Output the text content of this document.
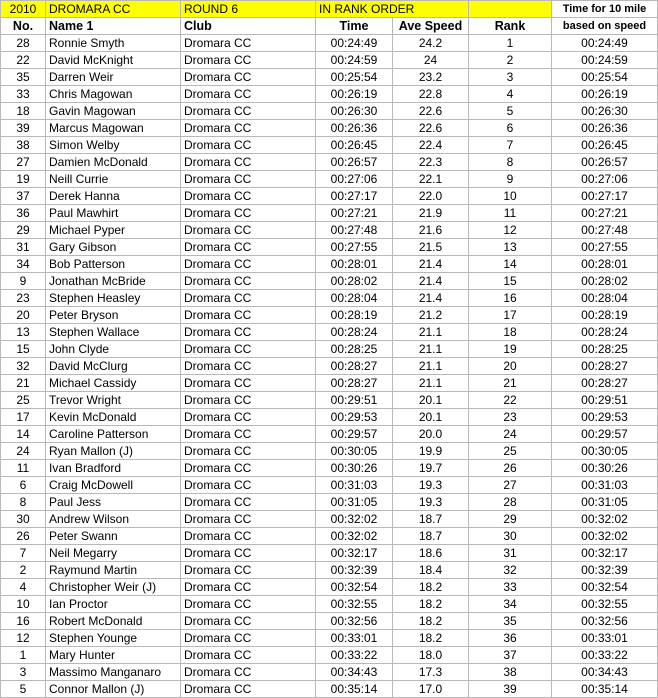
2010	DROMARA CC	ROUND 6	IN RANK ORDER			Time for 10 mile
No.	Name 1	Club	Time	Ave Speed	Rank	based on speed
28	Ronnie Smyth	Dromara CC	00:24:49	24.2	1	00:24:49
22	David McKnight	Dromara CC	00:24:59	24	2	00:24:59
35	Darren Weir	Dromara CC	00:25:54	23.2	3	00:25:54
33	Chris Magowan	Dromara CC	00:26:19	22.8	4	00:26:19
18	Gavin Magowan	Dromara CC	00:26:30	22.6	5	00:26:30
39	Marcus Magowan	Dromara CC	00:26:36	22.6	6	00:26:36
38	Simon Welby	Dromara CC	00:26:45	22.4	7	00:26:45
27	Damien McDonald	Dromara CC	00:26:57	22.3	8	00:26:57
19	Neill Currie	Dromara CC	00:27:06	22.1	9	00:27:06
37	Derek Hanna	Dromara CC	00:27:17	22.0	10	00:27:17
36	Paul Mawhirt	Dromara CC	00:27:21	21.9	11	00:27:21
29	Michael Pyper	Dromara CC	00:27:48	21.6	12	00:27:48
31	Gary Gibson	Dromara CC	00:27:55	21.5	13	00:27:55
34	Bob Patterson	Dromara CC	00:28:01	21.4	14	00:28:01
9	Jonathan McBride	Dromara CC	00:28:02	21.4	15	00:28:02
23	Stephen Heasley	Dromara CC	00:28:04	21.4	16	00:28:04
20	Peter Bryson	Dromara CC	00:28:19	21.2	17	00:28:19
13	Stephen Wallace	Dromara CC	00:28:24	21.1	18	00:28:24
15	John Clyde	Dromara CC	00:28:25	21.1	19	00:28:25
32	David McClurg	Dromara CC	00:28:27	21.1	20	00:28:27
21	Michael Cassidy	Dromara CC	00:28:27	21.1	21	00:28:27
25	Trevor Wright	Dromara CC	00:29:51	20.1	22	00:29:51
17	Kevin McDonald	Dromara CC	00:29:53	20.1	23	00:29:53
14	Caroline Patterson	Dromara CC	00:29:57	20.0	24	00:29:57
24	Ryan Mallon (J)	Dromara CC	00:30:05	19.9	25	00:30:05
11	Ivan Bradford	Dromara CC	00:30:26	19.7	26	00:30:26
6	Craig McDowell	Dromara CC	00:31:03	19.3	27	00:31:03
8	Paul Jess	Dromara CC	00:31:05	19.3	28	00:31:05
30	Andrew Wilson	Dromara CC	00:32:02	18.7	29	00:32:02
26	Peter Swann	Dromara CC	00:32:02	18.7	30	00:32:02
7	Neil Megarry	Dromara CC	00:32:17	18.6	31	00:32:17
2	Raymund Martin	Dromara CC	00:32:39	18.4	32	00:32:39
4	Christopher Weir (J)	Dromara CC	00:32:54	18.2	33	00:32:54
10	Ian Proctor	Dromara CC	00:32:55	18.2	34	00:32:55
16	Robert McDonald	Dromara CC	00:32:56	18.2	35	00:32:56
12	Stephen Younge	Dromara CC	00:33:01	18.2	36	00:33:01
1	Mary Hunter	Dromara CC	00:33:22	18.0	37	00:33:22
3	Massimo Manganaro	Dromara CC	00:34:43	17.3	38	00:34:43
5	Connor Mallon (J)	Dromara CC	00:35:14	17.0	39	00:35:14
